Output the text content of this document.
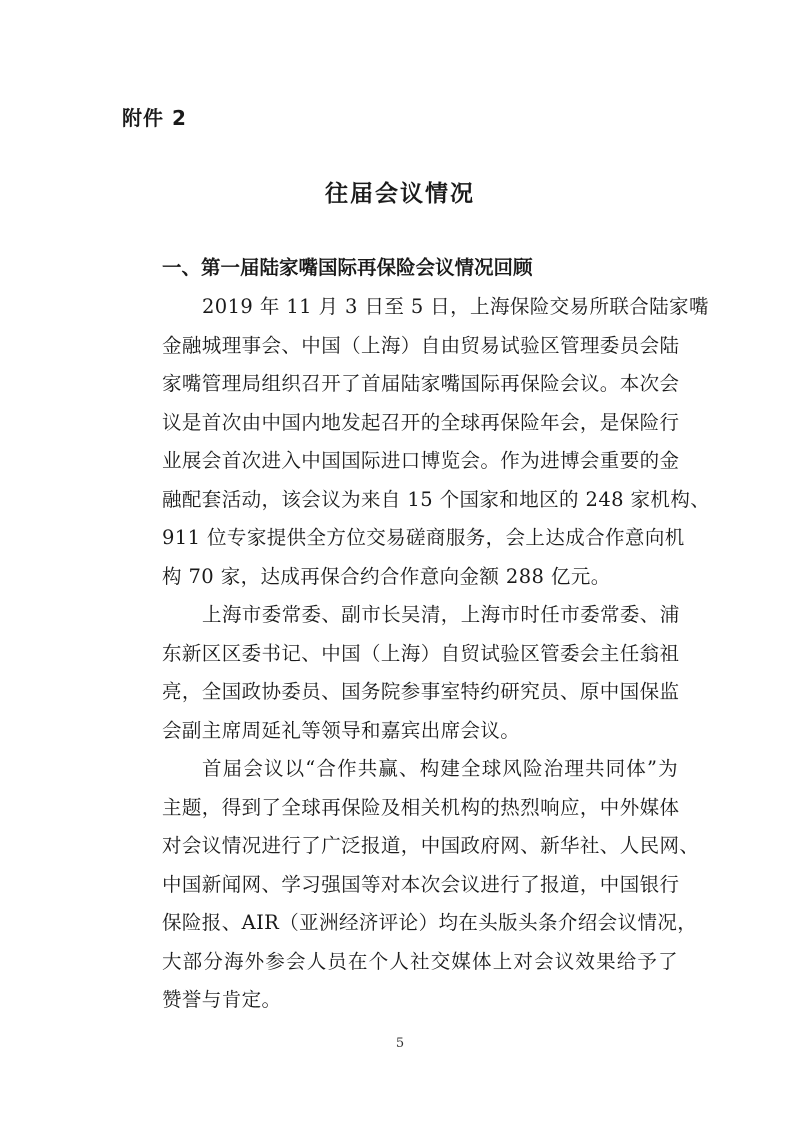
附件 2
往届会议情况
一、第一届陆家嘴国际再保险会议情况回顾
2019 年 11 月 3 日至 5 日，上海保险交易所联合陆家嘴
金融城理事会、中国（上海）自由贸易试验区管理委员会陆
家嘴管理局组织召开了首届陆家嘴国际再保险会议。本次会
议是首次由中国内地发起召开的全球再保险年会，是保险行
业展会首次进入中国国际进口博览会。作为进博会重要的金
融配套活动，该会议为来自 15 个国家和地区的 248 家机构、
911 位专家提供全方位交易磋商服务，会上达成合作意向机
构 70 家，达成再保合约合作意向金额 288 亿元。
上海市委常委、副市长吴清，上海市时任市委常委、浦
东新区区委书记、中国（上海）自贸试验区管委会主任翁祖
亮，全国政协委员、国务院参事室特约研究员、原中国保监
会副主席周延礼等领导和嘉宾出席会议。
首届会议以“合作共赢、构建全球风险治理共同体”为
主题，得到了全球再保险及相关机构的热烈响应，中外媒体
对会议情况进行了广泛报道，中国政府网、新华社、人民网、
中国新闻网、学习强国等对本次会议进行了报道，中国银行
保险报、AIR（亚洲经济评论）均在头版头条介绍会议情况，
大部分海外参会人员在个人社交媒体上对会议效果给予了
赞誉与肯定。
5
